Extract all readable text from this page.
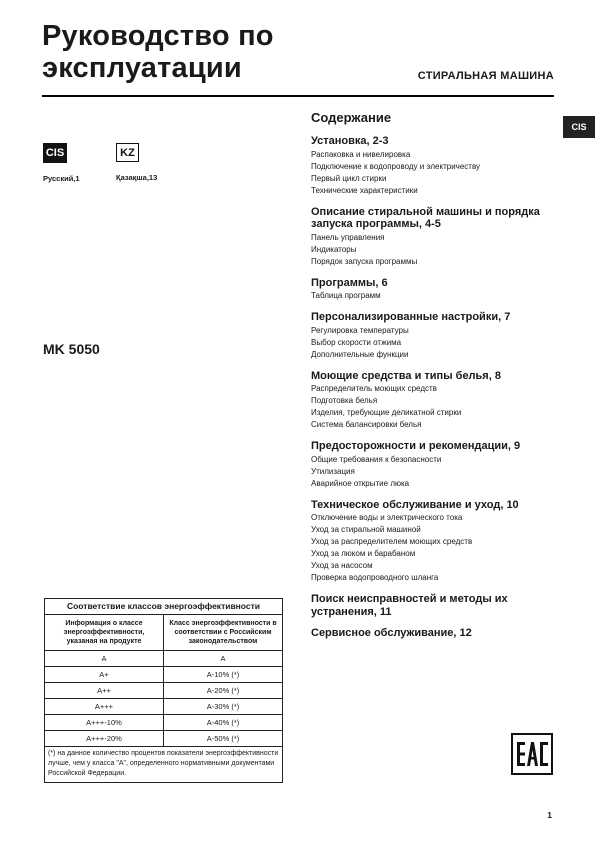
Руководство по
эксплуатации	СТИРАЛЬНАЯ МАШИНА
CIS
CIS
Русский,1
KZ
Қазақша,13
MK 5050
Содержание
Установка, 2-3
Распаковка и нивелировка
Подключение к водопроводу и электричеству
Первый цикл стирки
Технические характеристики
Описание стиральной машины и порядка запуска программы, 4-5
Панель управления
Индикаторы
Порядок запуска программы
Программы, 6
Таблица программ
Персонализированные настройки, 7
Регулировка температуры
Выбор скорости отжима
Дополнительные функции
Моющие средства и типы белья, 8
Распределитель моющих средств
Подготовка белья
Изделия, требующие деликатной стирки
Система балансировки белья
Предосторожности и рекомендации, 9
Общие требования к безопасности
Утилизация
Аварийное открытие люка
Техническое обслуживание и уход, 10
Отключение воды и электрического тока
Уход за стиральной машиной
Уход за распределителем моющих средств
Уход за люком и барабаном
Уход за насосом
Проверка водопроводного шланга
Поиск неисправностей и методы их устранения, 11
Сервисное обслуживание, 12
Соответствие классов энергоэффективности
Информация о классе энергоэффективности, указаная на продукте	Класс энергоэффективности в соответствии с Российским законодательством
A	A
A+	A-10% (*)
A++	A-20% (*)
A+++	A-30% (*)
A+++-10%	A-40% (*)
A+++-20%	A-50% (*)
(*) на данное количество процентов показатели энергоэффективности лучше, чем у класса "A", определенного нормативными документами Российской Федерации.
1
